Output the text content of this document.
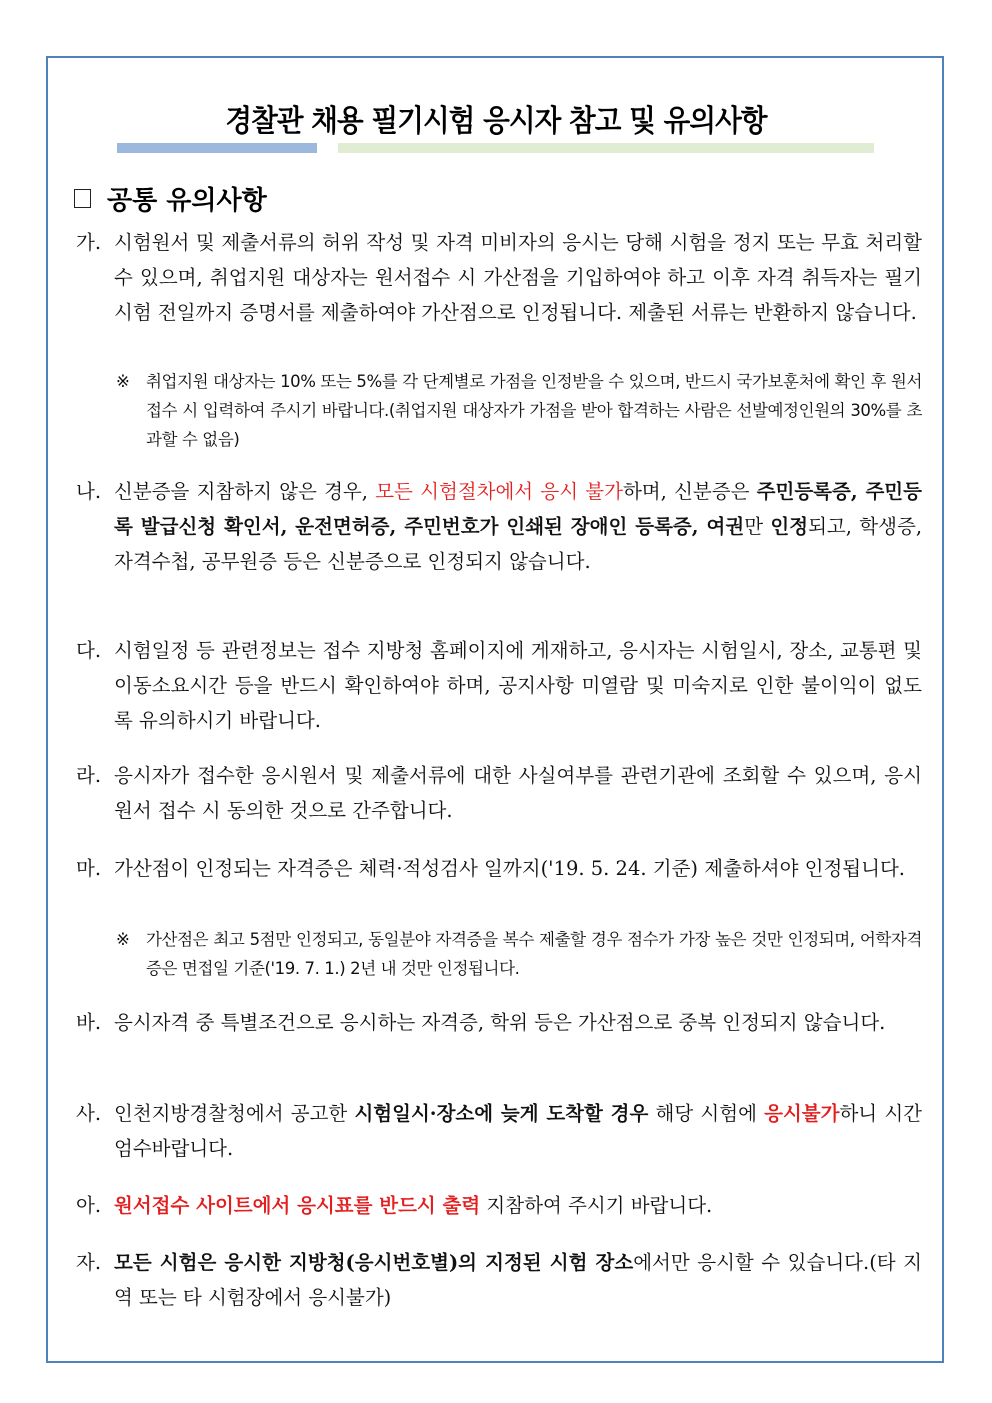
경찰관 채용 필기시험 응시자 참고 및 유의사항
공통 유의사항
가. 시험원서 및 제출서류의 허위 작성 및 자격 미비자의 응시는 당해 시험을 정지 또는 무효 처리할 수 있으며, 취업지원 대상자는 원서접수 시 가산점을 기입하여야 하고 이후 자격 취득자는 필기시험 전일까지 증명서를 제출하여야 가산점으로 인정됩니다. 제출된 서류는 반환하지 않습니다.
※	취업지원 대상자는 10% 또는 5%를 각 단계별로 가점을 인정받을 수 있으며, 반드시 국가보훈처에 확인 후 원서 접수 시 입력하여 주시기 바랍니다.(취업지원 대상자가 가점을 받아 합격하는 사람은 선발예정인원의 30%를 초과할 수 없음)
나. 신분증을 지참하지 않은 경우, 모든 시험절차에서 응시 불가하며, 신분증은 주민등록증, 주민등록 발급신청 확인서, 운전면허증, 주민번호가 인쇄된 장애인 등록증, 여권만 인정되고, 학생증, 자격수첩, 공무원증 등은 신분증으로 인정되지 않습니다.
다. 시험일정 등 관련정보는 접수 지방청 홈페이지에 게재하고, 응시자는 시험일시, 장소, 교통편 및 이동소요시간 등을 반드시 확인하여야 하며, 공지사항 미열람 및 미숙지로 인한 불이익이 없도록 유의하시기 바랍니다.
라. 응시자가 접수한 응시원서 및 제출서류에 대한 사실여부를 관련기관에 조회할 수 있으며, 응시원서 접수 시 동의한 것으로 간주합니다.
마. 가산점이 인정되는 자격증은 체력·적성검사 일까지('19. 5. 24. 기준) 제출하셔야 인정됩니다.
※	가산점은 최고 5점만 인정되고, 동일분야 자격증을 복수 제출할 경우 점수가 가장 높은 것만 인정되며, 어학자격증은 면접일 기준('19. 7. 1.) 2년 내 것만 인정됩니다.
바. 응시자격 중 특별조건으로 응시하는 자격증, 학위 등은 가산점으로 중복 인정되지 않습니다.
사. 인천지방경찰청에서 공고한 시험일시·장소에 늦게 도착할 경우 해당 시험에 응시불가하니 시간 엄수바랍니다.
아. 원서접수 사이트에서 응시표를 반드시 출력 지참하여 주시기 바랍니다.
자. 모든 시험은 응시한 지방청(응시번호별)의 지정된 시험 장소에서만 응시할 수 있습니다.(타 지역 또는 타 시험장에서 응시불가)
